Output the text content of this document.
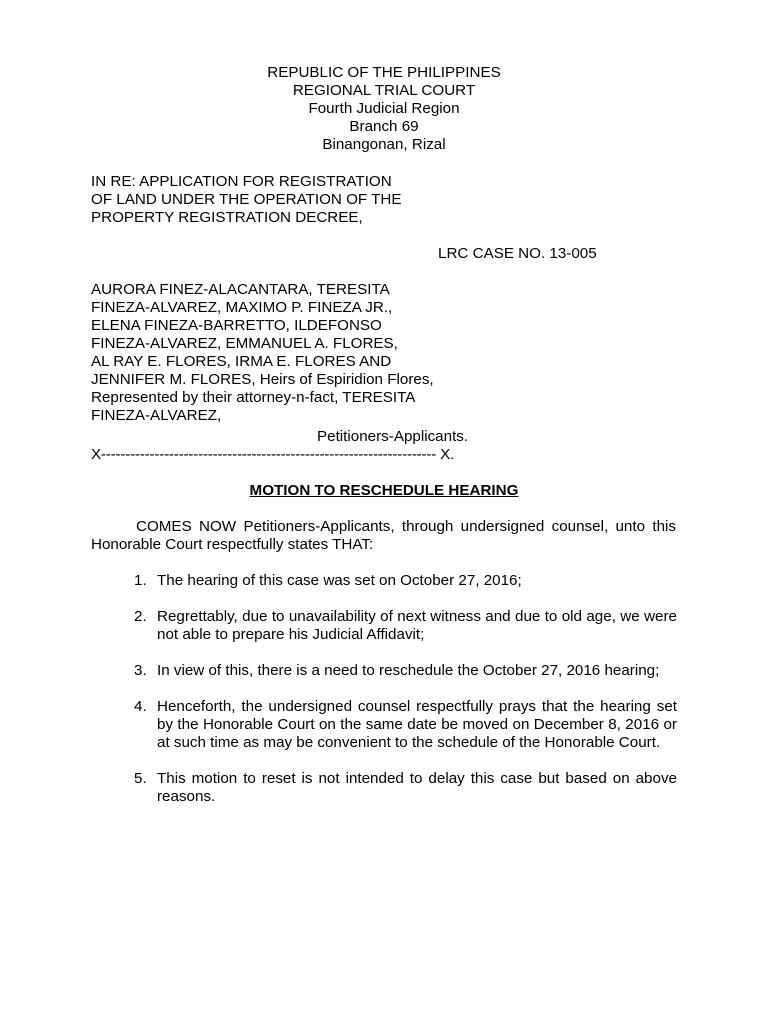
REPUBLIC OF THE PHILIPPINES
REGIONAL TRIAL COURT
Fourth Judicial Region
Branch 69
Binangonan, Rizal
IN RE: APPLICATION FOR REGISTRATION
OF LAND UNDER THE OPERATION OF THE
PROPERTY REGISTRATION DECREE,
LRC CASE NO. 13-005
AURORA FINEZ-ALACANTARA, TERESITA
FINEZA-ALVAREZ, MAXIMO P. FINEZA JR.,
ELENA FINEZA-BARRETTO, ILDEFONSO
FINEZA-ALVAREZ, EMMANUEL A. FLORES,
AL RAY E. FLORES, IRMA E. FLORES AND
JENNIFER M. FLORES, Heirs of Espiridion Flores,
Represented by their attorney-n-fact, TERESITA
FINEZA-ALVAREZ,
Petitioners-Applicants.
X--------------------------------------------------------------------- X.
MOTION TO RESCHEDULE HEARING
COMES NOW Petitioners-Applicants, through undersigned counsel, unto this Honorable Court respectfully states THAT:
1. The hearing of this case was set on October 27, 2016;
2. Regrettably, due to unavailability of next witness and due to old age, we were not able to prepare his Judicial Affidavit;
3. In view of this, there is a need to reschedule the October 27, 2016 hearing;
4. Henceforth, the undersigned counsel respectfully prays that the hearing set by the Honorable Court on the same date be moved on December 8, 2016 or at such time as may be convenient to the schedule of the Honorable Court.
5. This motion to reset is not intended to delay this case but based on above reasons.
